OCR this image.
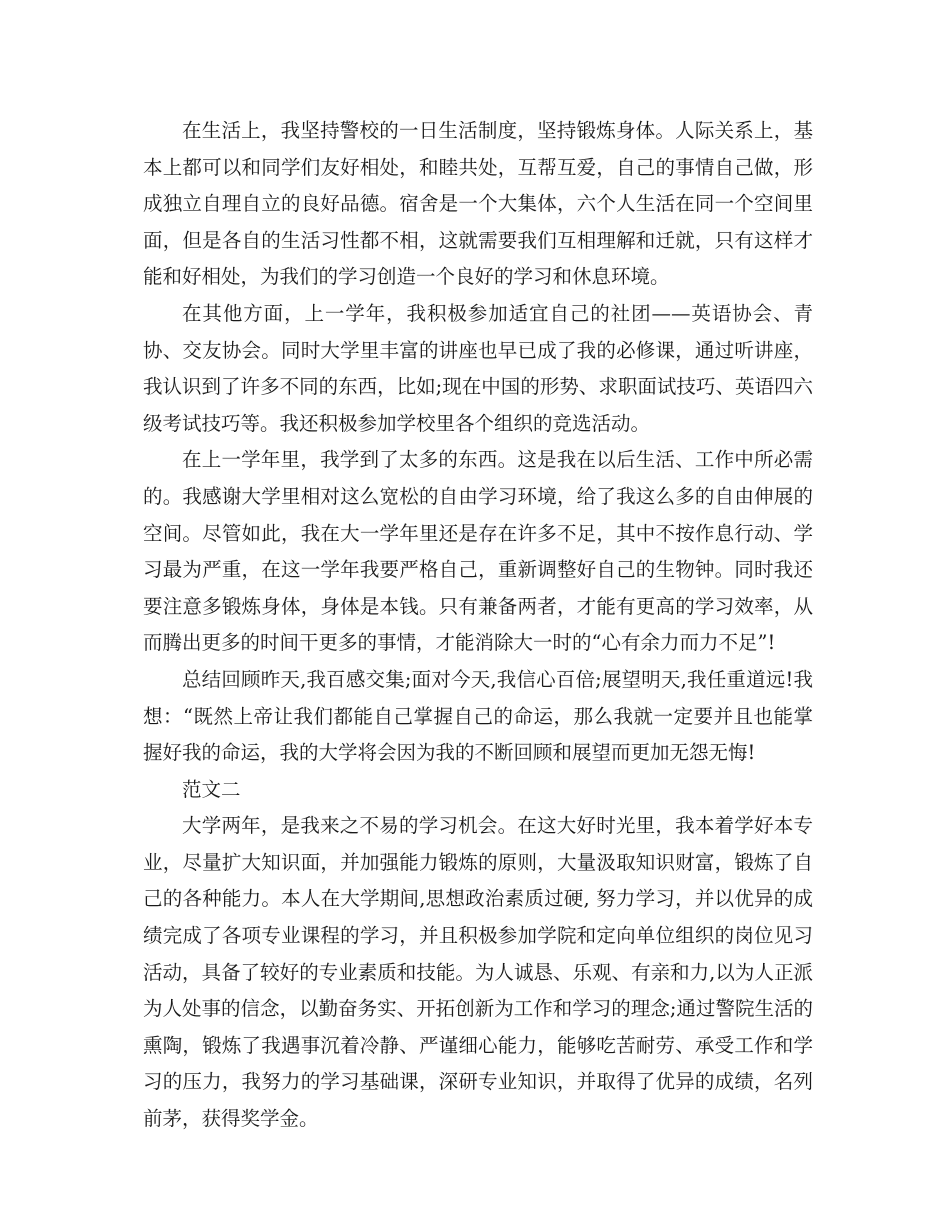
在生活上，我坚持警校的一日生活制度，坚持锻炼身体。人际关系上，基本上都可以和同学们友好相处，和睦共处，互帮互爱，自己的事情自己做，形成独立自理自立的良好品德。宿舍是一个大集体，六个人生活在同一个空间里面，但是各自的生活习性都不相，这就需要我们互相理解和迁就，只有这样才能和好相处，为我们的学习创造一个良好的学习和休息环境。

在其他方面，上一学年，我积极参加适宜自己的社团——英语协会、青协、交友协会。同时大学里丰富的讲座也早已成了我的必修课，通过听讲座，我认识到了许多不同的东西，比如;现在中国的形势、求职面试技巧、英语四六级考试技巧等。我还积极参加学校里各个组织的竞选活动。

在上一学年里，我学到了太多的东西。这是我在以后生活、工作中所必需的。我感谢大学里相对这么宽松的自由学习环境，给了我这么多的自由伸展的空间。尽管如此，我在大一学年里还是存在许多不足，其中不按作息行动、学习最为严重，在这一学年我要严格自己，重新调整好自己的生物钟。同时我还要注意多锻炼身体，身体是本钱。只有兼备两者，才能有更高的学习效率，从而腾出更多的时间干更多的事情，才能消除大一时的“心有余力而力不足”!

总结回顾昨天,我百感交集;面对今天,我信心百倍;展望明天,我任重道远!我想：“既然上帝让我们都能自己掌握自己的命运，那么我就一定要并且也能掌握好我的命运，我的大学将会因为我的不断回顾和展望而更加无怨无悔!

范文二

大学两年，是我来之不易的学习机会。在这大好时光里，我本着学好本专业，尽量扩大知识面，并加强能力锻炼的原则，大量汲取知识财富，锻炼了自己的各种能力。本人在大学期间,思想政治素质过硬, 努力学习，并以优异的成绩完成了各项专业课程的学习，并且积极参加学院和定向单位组织的岗位见习活动，具备了较好的专业素质和技能。为人诚恳、乐观、有亲和力,以为人正派为人处事的信念，以勤奋务实、开拓创新为工作和学习的理念;通过警院生活的熏陶，锻炼了我遇事沉着冷静、严谨细心能力，能够吃苦耐劳、承受工作和学习的压力，我努力的学习基础课，深研专业知识，并取得了优异的成绩，名列前茅，获得奖学金。
